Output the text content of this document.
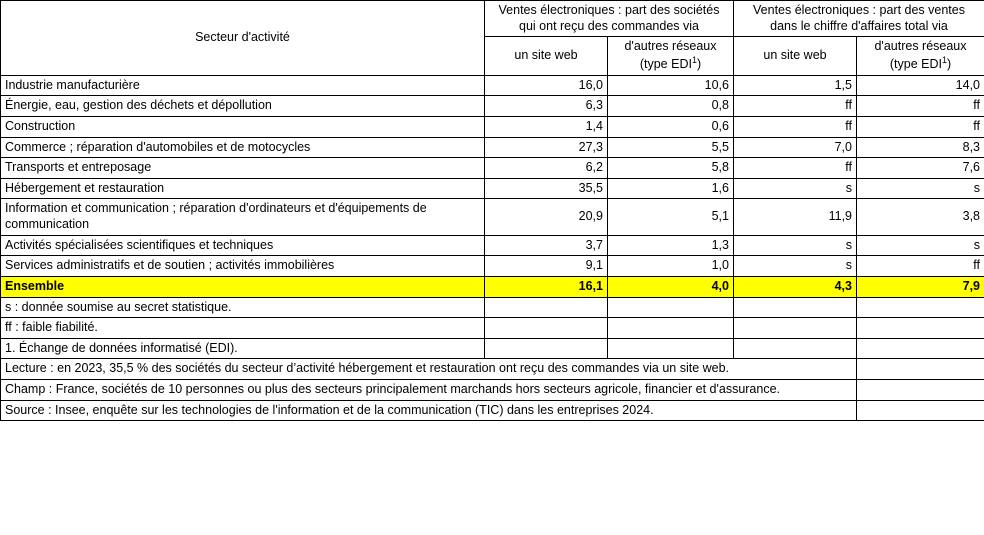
Secteur d'activité	Ventes électroniques : part des sociétés qui ont reçu des commandes via		Ventes électroniques : part des ventes dans le chiffre d'affaires total via	
	un site web	d'autres réseaux (type EDI$^1$)	un site web	d'autres réseaux (type EDI$^1$)
Industrie manufacturière	16,0	10,6	1,5	14,0
Énergie, eau, gestion des déchets et dépollution	6,3	0,8	ff	ff
Construction	1,4	0,6	ff	ff
Commerce ; réparation d'automobiles et de motocycles	27,3	5,5	7,0	8,3
Transports et entreposage	6,2	5,8	ff	7,6
Hébergement et restauration	35,5	1,6	s	s
Information et communication ; réparation d'ordinateurs et d'équipements de communication	20,9	5,1	11,9	3,8
Activités spécialisées scientifiques et techniques	3,7	1,3	s	s
Services administratifs et de soutien ; activités immobilières	9,1	1,0	s	ff
Ensemble	16,1	4,0	4,3	7,9
s : donnée soumise au secret statistique.				
ff : faible fiabilité.				
1. Échange de données informatisé (EDI).				
Lecture : en 2023, 35,5 % des sociétés du secteur d’activité hébergement et restauration ont reçu des commandes via un site web.				
Champ : France, sociétés de 10 personnes ou plus des secteurs principalement marchands hors secteurs agricole, financier et d'assurance.				
Source : Insee, enquête sur les technologies de l'information et de la communication (TIC) dans les entreprises 2024.				
